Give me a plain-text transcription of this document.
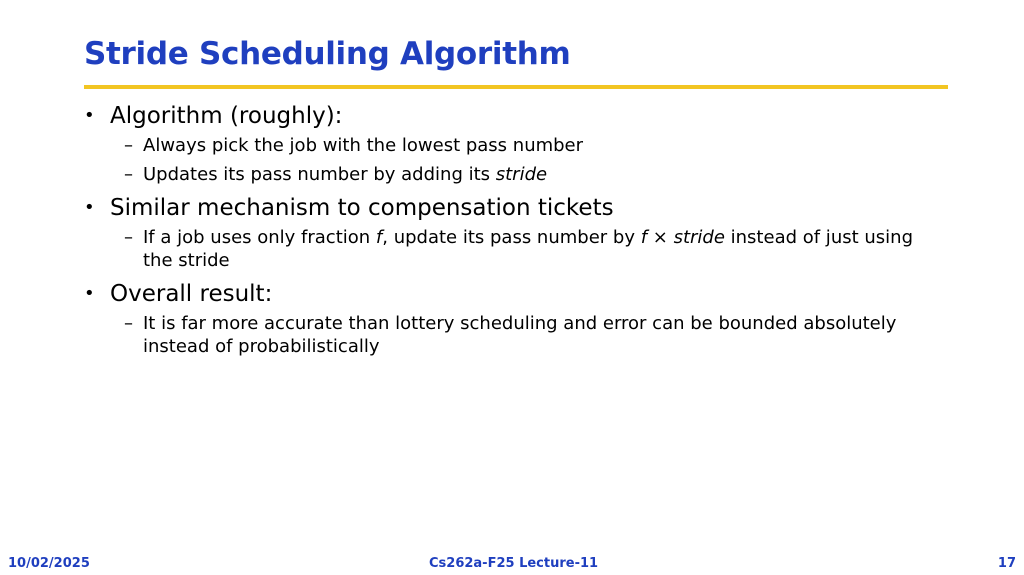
Stride Scheduling Algorithm
• Algorithm (roughly):
– Always pick the job with the lowest pass number
– Updates its pass number by adding its stride
• Similar mechanism to compensation tickets
– If a job uses only fraction f, update its pass number by f × stride instead of just using the stride
• Overall result:
– It is far more accurate than lottery scheduling and error can be bounded absolutely instead of probabilistically
10/02/2025	Cs262a-F25 Lecture-11	17
